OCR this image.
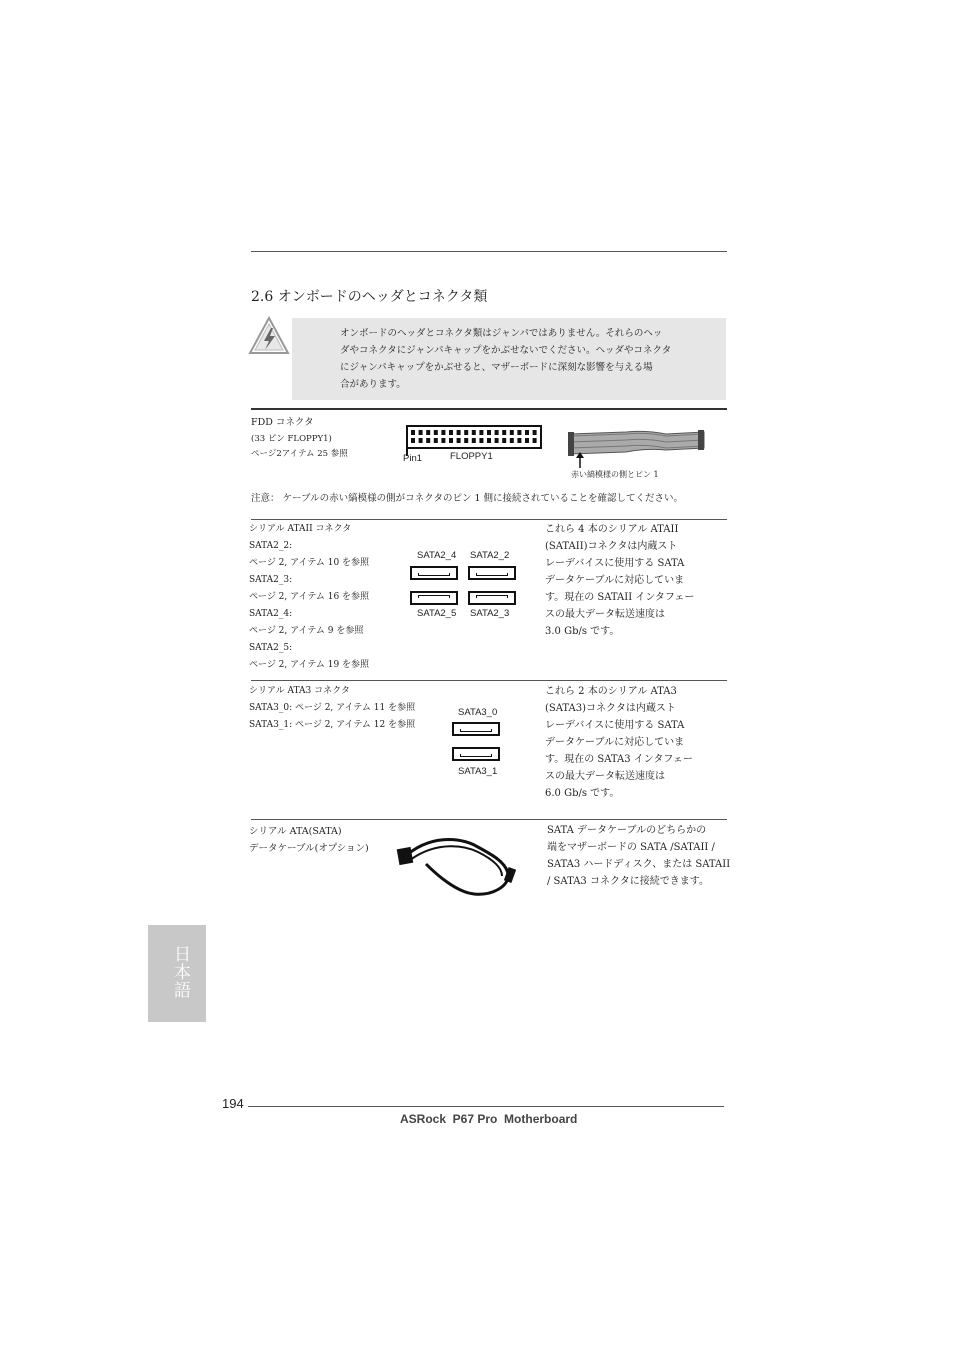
2.6 オンボードのヘッダとコネクタ類
オンボードのヘッダとコネクタ類はジャンパではありません。それらのヘッ
ダやコネクタにジャンパキャップをかぶせないでください。ヘッダやコネクタ
にジャンパキャップをかぶせると、マザーボードに深刻な影響を与える場
合があります。
FDD コネクタ
(33 ピン FLOPPY1)
ページ2アイテム 25 参照	Pin1	FLOPPY1
赤い縞模様の側とピン 1
注意： ケーブルの赤い縞模様の側がコネクタのピン 1 側に接続されていることを確認してください。
シリアル ATAII コネクタ
SATA2_2:
ページ 2, アイテム 10 を参照
SATA2_3:
ページ 2, アイテム 16 を参照
SATA2_4:
ページ 2, アイテム 9 を参照
SATA2_5:
ページ 2, アイテム 19 を参照
SATA2_4 SATA2_2
SATA2_5 SATA2_3
これら 4 本のシリアル ATAII
(SATAII)コネクタは内蔵スト
レーデバイスに使用する SATA
データケーブルに対応していま
す。現在の SATAII インタフェー
スの最大データ転送速度は
3.0 Gb/s です。
シリアル ATA3 コネクタ
SATA3_0: ページ 2, アイテム 11 を参照
SATA3_1: ページ 2, アイテム 12 を参照
SATA3_0
SATA3_1
これら 2 本のシリアル ATA3
(SATA3)コネクタは内蔵スト
レーデバイスに使用する SATA
データケーブルに対応していま
す。現在の SATA3 インタフェー
スの最大データ転送速度は
6.0 Gb/s です。
シリアル ATA(SATA)
データケーブル(オプション)
SATA データケーブルのどちらかの
端をマザーボードの SATA /SATAII /
SATA3 ハードディスク、または SATAII
/ SATA3 コネクタに接続できます。
日本語
194
ASRock  P67 Pro  Motherboard
